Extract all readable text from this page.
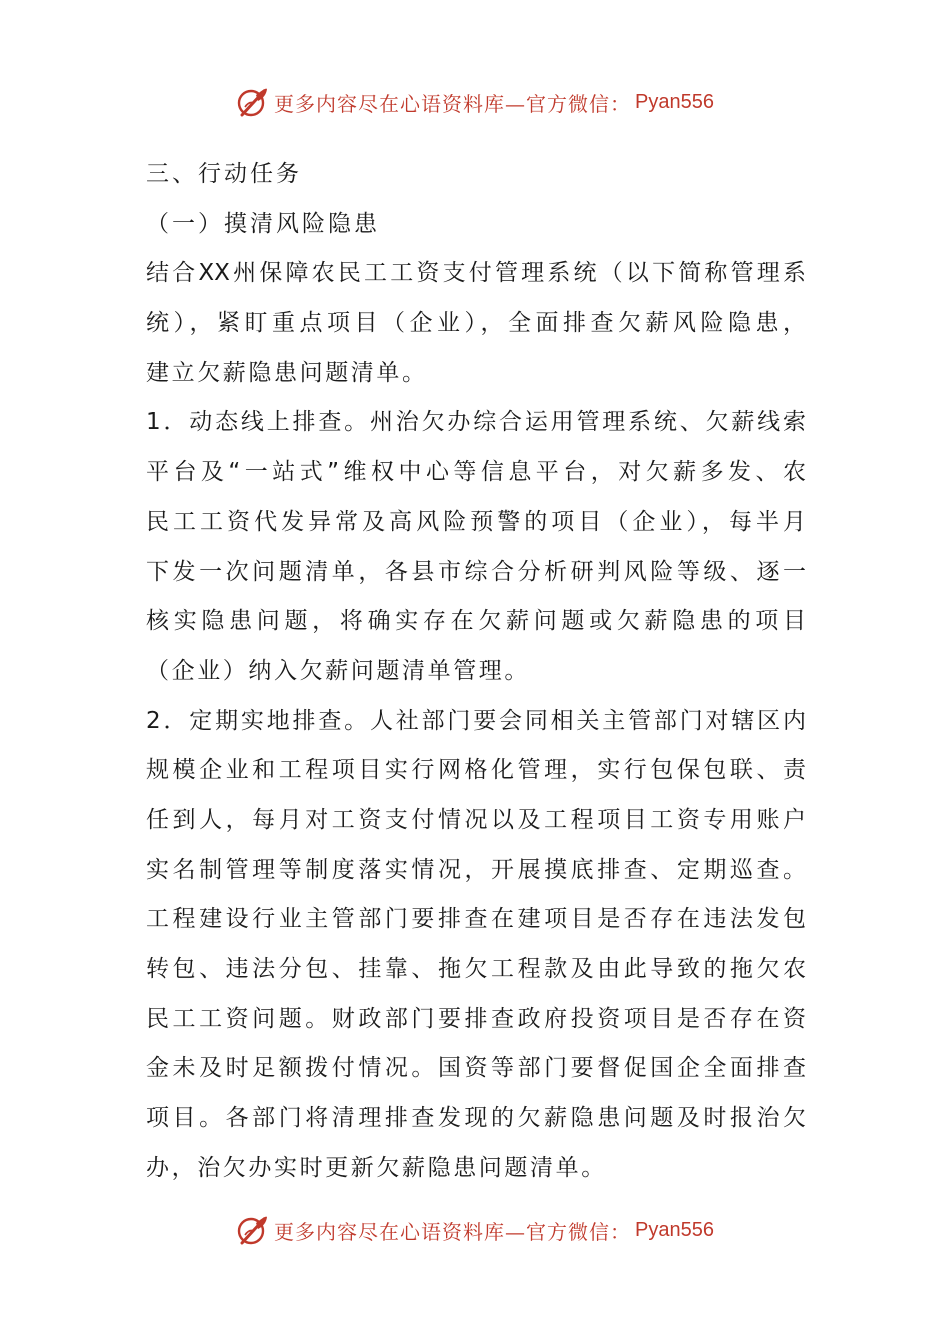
更多内容尽在心语资料库—官方微信： Pyan556
三、行动任务
（一）摸清风险隐患
结合XX州保障农民工工资支付管理系统（以下简称管理系
统），紧盯重点项目（企业），全面排查欠薪风险隐患，
建立欠薪隐患问题清单。
1．动态线上排查。州治欠办综合运用管理系统、欠薪线索
平台及“一站式”维权中心等信息平台，对欠薪多发、农
民工工资代发异常及高风险预警的项目（企业），每半月
下发一次问题清单，各县市综合分析研判风险等级、逐一
核实隐患问题，将确实存在欠薪问题或欠薪隐患的项目
（企业）纳入欠薪问题清单管理。
2．定期实地排查。人社部门要会同相关主管部门对辖区内
规模企业和工程项目实行网格化管理，实行包保包联、责
任到人，每月对工资支付情况以及工程项目工资专用账户
实名制管理等制度落实情况，开展摸底排查、定期巡查。
工程建设行业主管部门要排查在建项目是否存在违法发包
转包、违法分包、挂靠、拖欠工程款及由此导致的拖欠农
民工工资问题。财政部门要排查政府投资项目是否存在资
金未及时足额拨付情况。国资等部门要督促国企全面排查
项目。各部门将清理排查发现的欠薪隐患问题及时报治欠
办，治欠办实时更新欠薪隐患问题清单。
更多内容尽在心语资料库—官方微信： Pyan556
